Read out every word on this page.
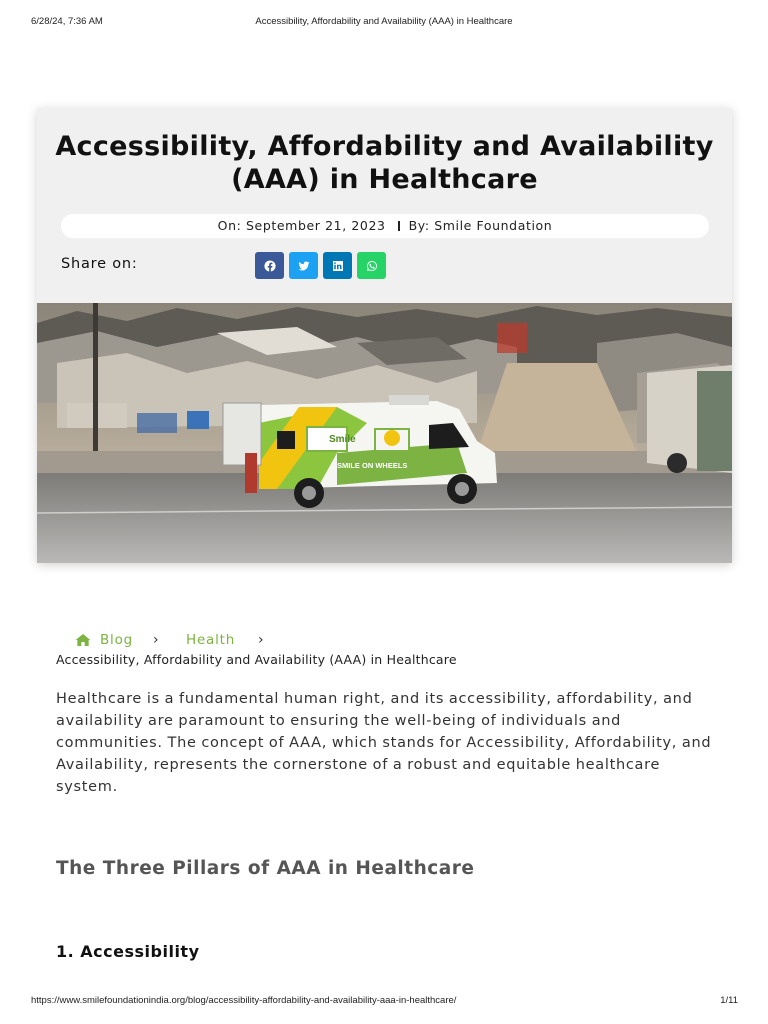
6/28/24, 7:36 AM	Accessibility, Affordability and Availability (AAA) in Healthcare
Accessibility, Affordability and Availability
(AAA) in Healthcare
On: September 21, 2023 By: Smile Foundation
Share on:
Smile
SMILE ON WHEELS
Blog › Health ›
Accessibility, Affordability and Availability (AAA) in Healthcare

Healthcare is a fundamental human right, and its accessibility, affordability, and availability are paramount to ensuring the well-being of individuals and communities. The concept of AAA, which stands for Accessibility, Affordability, and Availability, represents the cornerstone of a robust and equitable healthcare system.

The Three Pillars of AAA in Healthcare
1. Accessibility
https://www.smilefoundationindia.org/blog/accessibility-affordability-and-availability-aaa-in-healthcare/	1/11
